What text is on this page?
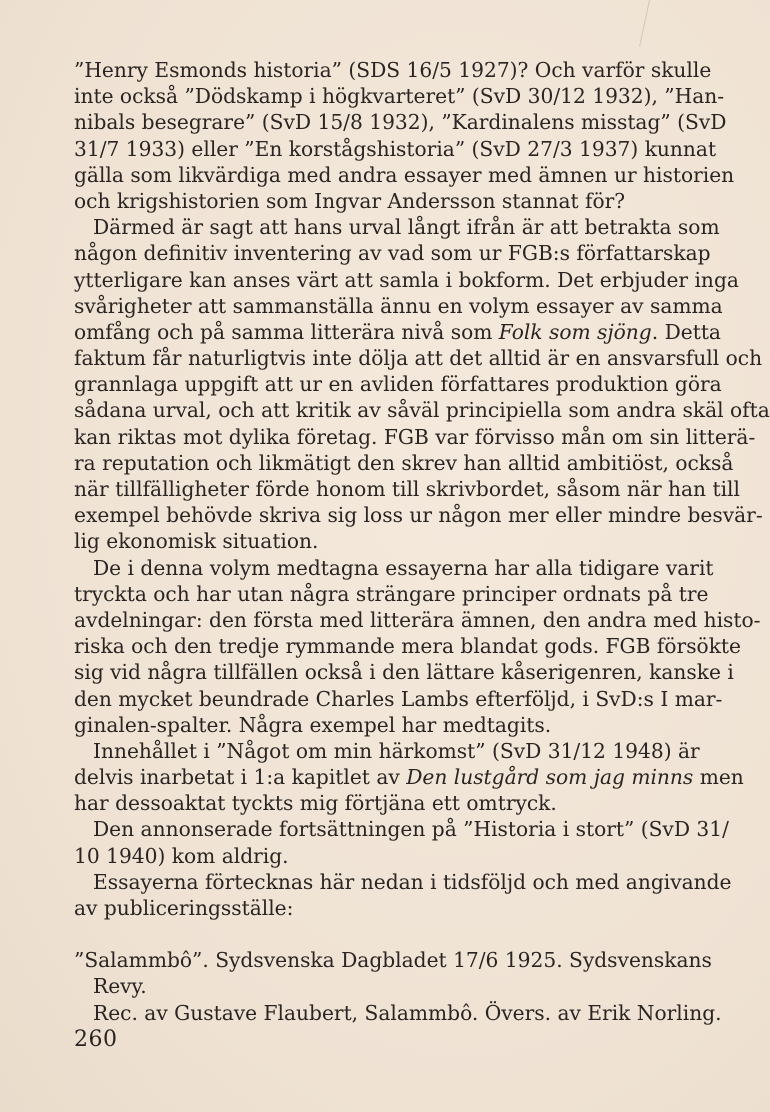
”Henry Esmonds historia” (SDS 16/5 1927)? Och varför skulle
inte också ”Dödskamp i högkvarteret” (SvD 30/12 1932), ”Han-
nibals besegrare” (SvD 15/8 1932), ”Kardinalens misstag” (SvD
31/7 1933) eller ”En korstågshistoria” (SvD 27/3 1937) kunnat
gälla som likvärdiga med andra essayer med ämnen ur historien
och krigshistorien som Ingvar Andersson stannat för?
Därmed är sagt att hans urval långt ifrån är att betrakta som
någon definitiv inventering av vad som ur FGB:s författarskap
ytterligare kan anses värt att samla i bokform. Det erbjuder inga
svårigheter att sammanställa ännu en volym essayer av samma
omfång och på samma litterära nivå som Folk som sjöng. Detta
faktum får naturligtvis inte dölja att det alltid är en ansvarsfull och
grannlaga uppgift att ur en avliden författares produktion göra
sådana urval, och att kritik av såväl principiella som andra skäl ofta
kan riktas mot dylika företag. FGB var förvisso mån om sin litterä-
ra reputation och likmätigt den skrev han alltid ambitiöst, också
när tillfälligheter förde honom till skrivbordet, såsom när han till
exempel behövde skriva sig loss ur någon mer eller mindre besvär-
lig ekonomisk situation.
De i denna volym medtagna essayerna har alla tidigare varit
tryckta och har utan några strängare principer ordnats på tre
avdelningar: den första med litterära ämnen, den andra med histo-
riska och den tredje rymmande mera blandat gods. FGB försökte
sig vid några tillfällen också i den lättare kåserigenren, kanske i
den mycket beundrade Charles Lambs efterföljd, i SvD:s I mar-
ginalen-spalter. Några exempel har medtagits.
Innehållet i ”Något om min härkomst” (SvD 31/12 1948) är
delvis inarbetat i 1:a kapitlet av Den lustgård som jag minns men
har dessoaktat tyckts mig förtjäna ett omtryck.
Den annonserade fortsättningen på ”Historia i stort” (SvD 31/
10 1940) kom aldrig.
Essayerna förtecknas här nedan i tidsföljd och med angivande
av publiceringsställe:
”Salammbô”. Sydsvenska Dagbladet 17/6 1925. Sydsvenskans
Revy.
Rec. av Gustave Flaubert, Salammbô. Övers. av Erik Norling.
260
